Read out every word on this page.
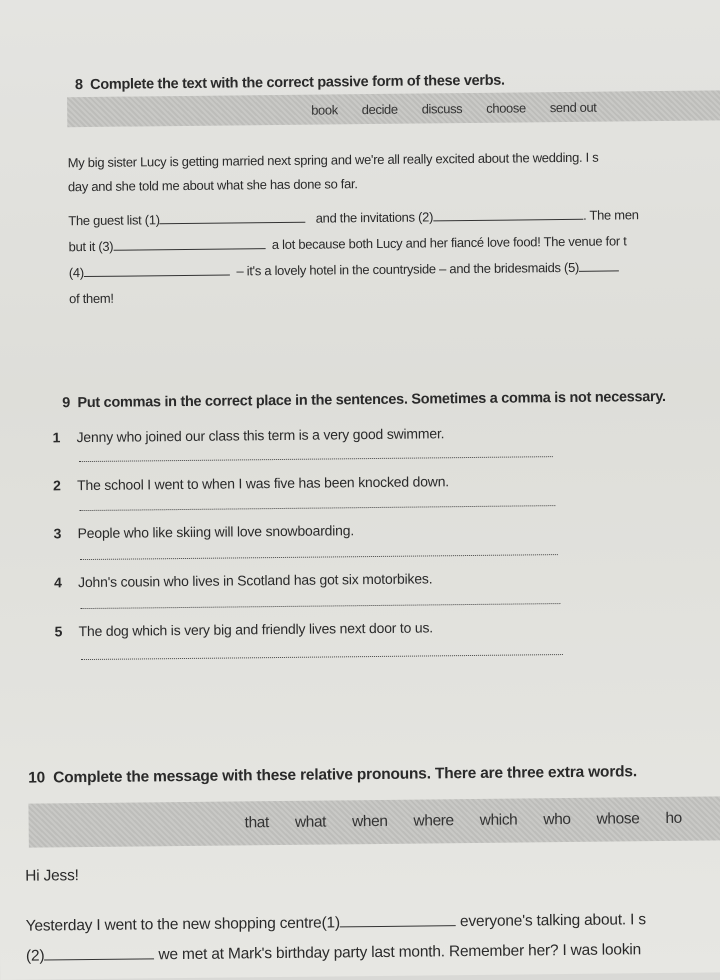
8 Complete the text with the correct passive form of these verbs.
book decide discuss choose send out
My big sister Lucy is getting married next spring and we're all really excited about the wedding. I s
day and she told me about what she has done so far.
The guest list (1)	and the invitations (2)	. The men
but it (3)	a lot because both Lucy and her fiancé love food! The venue for t
(4)	– it's a lovely hotel in the countryside – and the bridesmaids (5)
of them!
9 Put commas in the correct place in the sentences. Sometimes a comma is not necessary.
1 Jenny who joined our class this term is a very good swimmer.
2 The school I went to when I was five has been knocked down.
3 People who like skiing will love snowboarding.
4 John's cousin who lives in Scotland has got six motorbikes.
5 The dog which is very big and friendly lives next door to us.
10 Complete the message with these relative pronouns. There are three extra words.
that what when where which who whose ho
Hi Jess!
Yesterday I went to the new shopping centre(1)	everyone's talking about. I s
(2)	we met at Mark's birthday party last month. Remember her? I was lookin
